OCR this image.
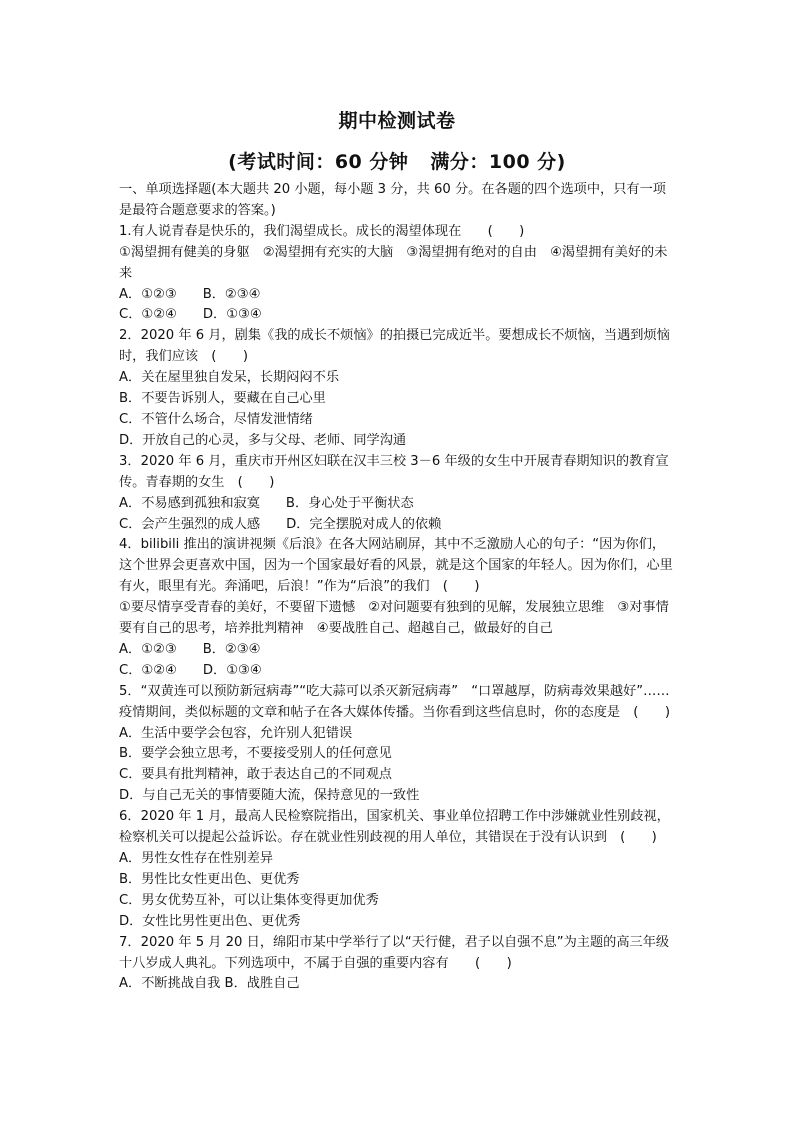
期中检测试卷
(考试时间：60 分钟 满分：100 分)

一、单项选择题(本大题共 20 小题，每小题 3 分，共 60 分。在各题的四个选项中，只有一项是最符合题意要求的答案。)

1.有人说青春是快乐的，我们渴望成长。成长的渴望体现在　　(　　)

①渴望拥有健美的身躯　②渴望拥有充实的大脑　③渴望拥有绝对的自由　④渴望拥有美好的未来

A．①②③ B．②③④

C．①②④ D．①③④

2．2020 年 6 月，剧集《我的成长不烦恼》的拍摄已完成近半。要想成长不烦恼，当遇到烦恼时，我们应该　(　　)

A．关在屋里独自发呆，长期闷闷不乐

B．不要告诉别人，要藏在自己心里

C．不管什么场合，尽情发泄情绪

D．开放自己的心灵，多与父母、老师、同学沟通

3．2020 年 6 月，重庆市开州区妇联在汉丰三校 3－6 年级的女生中开展青春期知识的教育宣传。青春期的女生　(　　)

A．不易感到孤独和寂寞 B．身心处于平衡状态

C．会产生强烈的成人感 D．完全摆脱对成人的依赖

4．bilibili 推出的演讲视频《后浪》在各大网站刷屏，其中不乏激励人心的句子：“因为你们，这个世界会更喜欢中国，因为一个国家最好看的风景，就是这个国家的年轻人。因为你们，心里有火，眼里有光。奔涌吧，后浪！”作为“后浪”的我们　(　　)

①要尽情享受青春的美好，不要留下遗憾　②对问题要有独到的见解，发展独立思维　③对事情要有自己的思考，培养批判精神　④要战胜自己、超越自己，做最好的自己

A．①②③ B．②③④

C．①②④ D．①③④

5．“双黄连可以预防新冠病毒”“吃大蒜可以杀灭新冠病毒”　“口罩越厚，防病毒效果越好”……疫情期间，类似标题的文章和帖子在各大媒体传播。当你看到这些信息时，你的态度是　(　　)

A．生活中要学会包容，允许别人犯错误

B．要学会独立思考，不要接受别人的任何意见

C．要具有批判精神，敢于表达自己的不同观点

D．与自己无关的事情要随大流，保持意见的一致性

6．2020 年 1 月，最高人民检察院指出，国家机关、事业单位招聘工作中涉嫌就业性别歧视，检察机关可以提起公益诉讼。存在就业性别歧视的用人单位，其错误在于没有认识到　(　　)

A．男性女性存在性别差异

B．男性比女性更出色、更优秀

C．男女优势互补，可以让集体变得更加优秀

D．女性比男性更出色、更优秀

7．2020 年 5 月 20 日，绵阳市某中学举行了以“天行健，君子以自强不息”为主题的高三年级十八岁成人典礼。下列选项中，不属于自强的重要内容有　　(　　)

A．不断挑战自我 B．战胜自己
